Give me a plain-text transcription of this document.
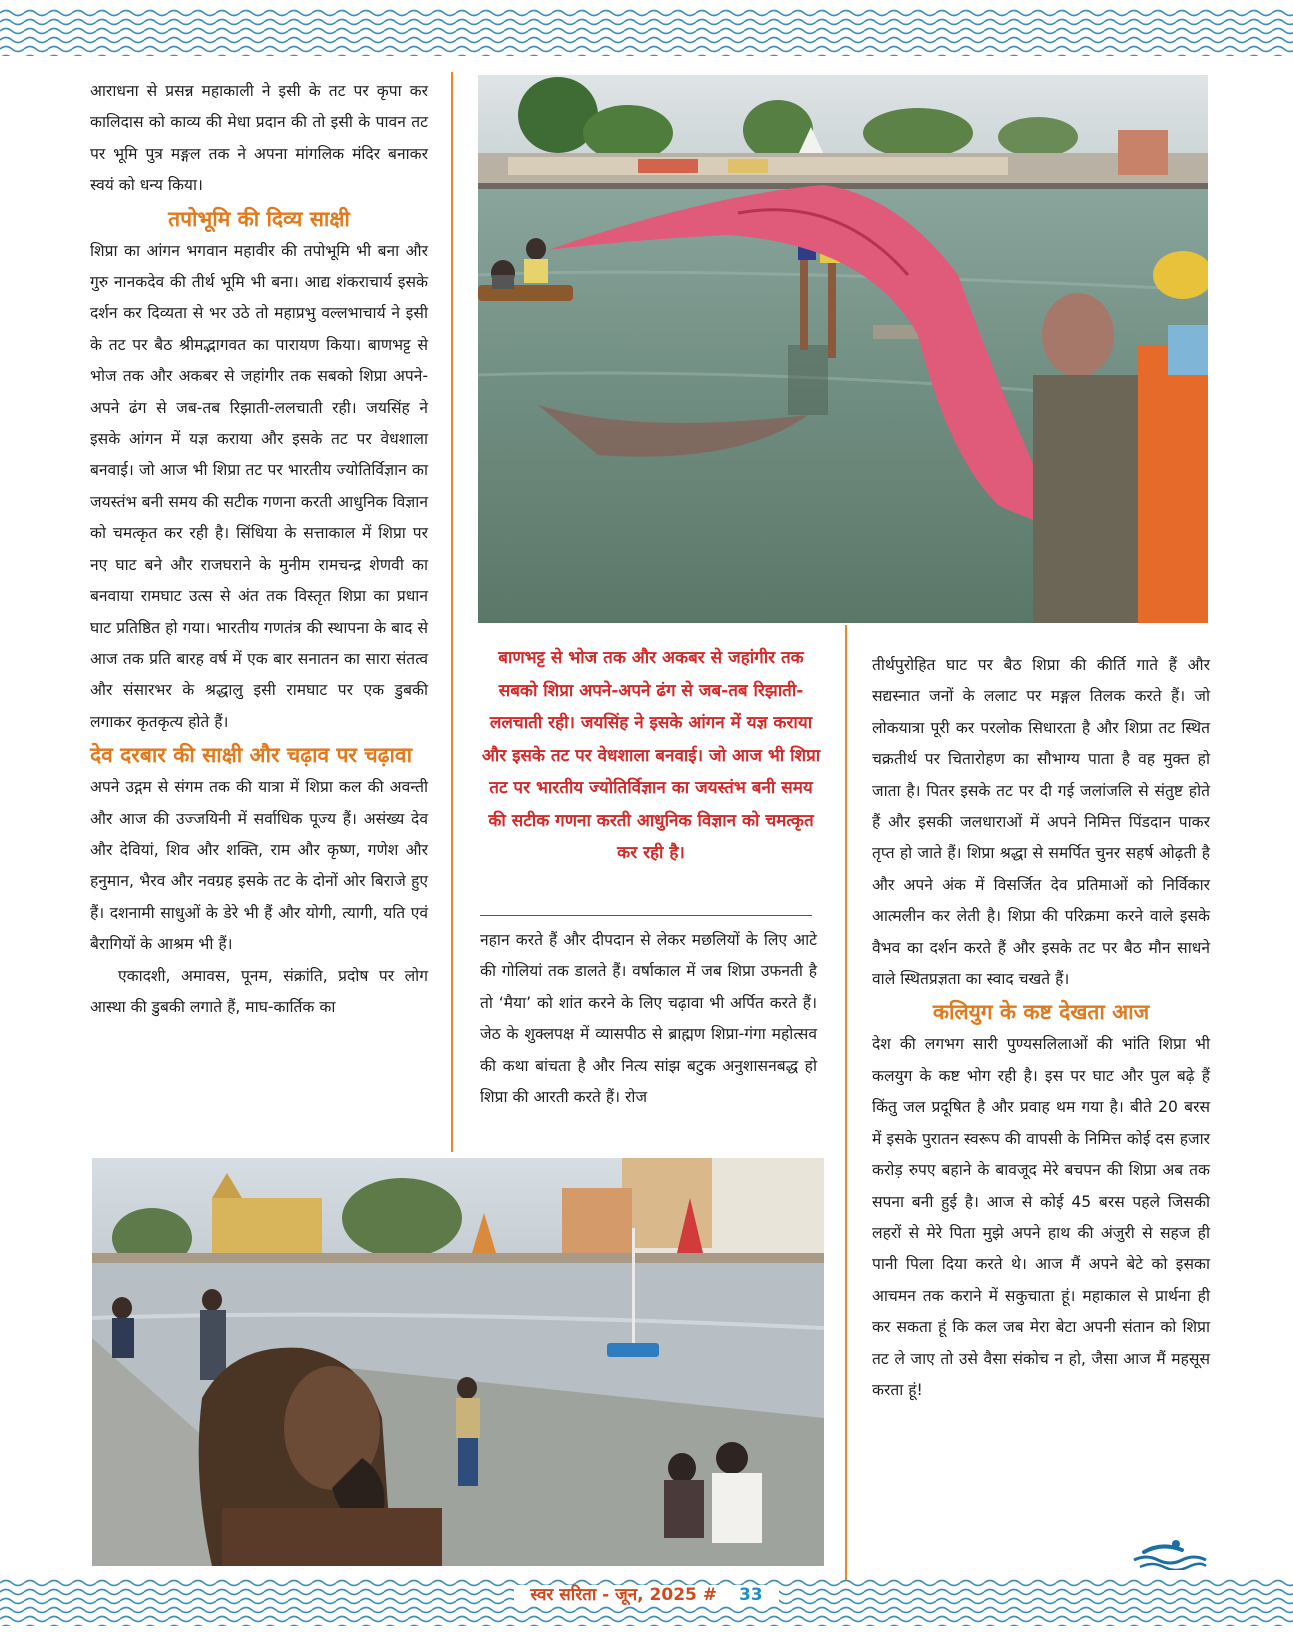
आराधना से प्रसन्न महाकाली ने इसी के तट पर कृपा कर कालिदास को काव्य की मेधा प्रदान की तो इसी के पावन तट पर भूमि पुत्र मङ्गल तक ने अपना मांगलिक मंदिर बनाकर स्वयं को धन्य किया।

तपोभूमि की दिव्य साक्षी

शिप्रा का आंगन भगवान महावीर की तपोभूमि भी बना और गुरु नानकदेव की तीर्थ भूमि भी बना। आद्य शंकराचार्य इसके दर्शन कर दिव्यता से भर उठे तो महाप्रभु वल्लभाचार्य ने इसी के तट पर बैठ श्रीमद्भागवत का पारायण किया। बाणभट्ट से भोज तक और अकबर से जहांगीर तक सबको शिप्रा अपने-अपने ढंग से जब-तब रिझाती-ललचाती रही। जयसिंह ने इसके आंगन में यज्ञ कराया और इसके तट पर वेधशाला बनवाई। जो आज भी शिप्रा तट पर भारतीय ज्योतिर्विज्ञान का जयस्तंभ बनी समय की सटीक गणना करती आधुनिक विज्ञान को चमत्कृत कर रही है। सिंधिया के सत्ताकाल में शिप्रा पर नए घाट बने और राजघराने के मुनीम रामचन्द्र शेणवी का बनवाया रामघाट उत्स से अंत तक विस्तृत शिप्रा का प्रधान घाट प्रतिष्ठित हो गया। भारतीय गणतंत्र की स्थापना के बाद से आज तक प्रति बारह वर्ष में एक बार सनातन का सारा संतत्व और संसारभर के श्रद्धालु इसी रामघाट पर एक डुबकी लगाकर कृतकृत्य होते हैं।

देव दरबार की साक्षी और चढ़ाव पर चढ़ावा

अपने उद्गम से संगम तक की यात्रा में शिप्रा कल की अवन्ती और आज की उज्जयिनी में सर्वाधिक पूज्य हैं। असंख्य देव और देवियां, शिव और शक्ति, राम और कृष्ण, गणेश और हनुमान, भैरव और नवग्रह इसके तट के दोनों ओर बिराजे हुए हैं। दशनामी साधुओं के डेरे भी हैं और योगी, त्यागी, यति एवं बैरागियों के आश्रम भी हैं।

एकादशी, अमावस, पूनम, संक्रांति, प्रदोष पर लोग आस्था की डुबकी लगाते हैं, माघ-कार्तिक का

बाणभट्ट से भोज तक और अकबर से जहांगीर तक सबको शिप्रा अपने-अपने ढंग से जब-तब रिझाती-ललचाती रही। जयसिंह ने इसके आंगन में यज्ञ कराया और इसके तट पर वेधशाला बनवाई। जो आज भी शिप्रा तट पर भारतीय ज्योतिर्विज्ञान का जयस्तंभ बनी समय की सटीक गणना करती आधुनिक विज्ञान को चमत्कृत कर रही है।

नहान करते हैं और दीपदान से लेकर मछलियों के लिए आटे की गोलियां तक डालते हैं। वर्षाकाल में जब शिप्रा उफनती है तो ‘मैया’ को शांत करने के लिए चढ़ावा भी अर्पित करते हैं। जेठ के शुक्लपक्ष में व्यासपीठ से ब्राह्मण शिप्रा-गंगा महोत्सव की कथा बांचता है और नित्य सांझ बटुक अनुशासनबद्ध हो शिप्रा की आरती करते हैं। रोज

तीर्थपुरोहित घाट पर बैठ शिप्रा की कीर्ति गाते हैं और सद्यस्नात जनों के ललाट पर मङ्गल तिलक करते हैं। जो लोकयात्रा पूरी कर परलोक सिधारता है और शिप्रा तट स्थित चक्रतीर्थ पर चितारोहण का सौभाग्य पाता है वह मुक्त हो जाता है। पितर इसके तट पर दी गई जलांजलि से संतुष्ट होते हैं और इसकी जलधाराओं में अपने निमित्त पिंडदान पाकर तृप्त हो जाते हैं। शिप्रा श्रद्धा से समर्पित चुनर सहर्ष ओढ़ती है और अपने अंक में विसर्जित देव प्रतिमाओं को निर्विकार आत्मलीन कर लेती है। शिप्रा की परिक्रमा करने वाले इसके वैभव का दर्शन करते हैं और इसके तट पर बैठ मौन साधने वाले स्थितप्रज्ञता का स्वाद चखते हैं।

कलियुग के कष्ट देखता आज

देश की लगभग सारी पुण्यसलिलाओं की भांति शिप्रा भी कलयुग के कष्ट भोग रही है। इस पर घाट और पुल बढ़े हैं किंतु जल प्रदूषित है और प्रवाह थम गया है। बीते 20 बरस में इसके पुरातन स्वरूप की वापसी के निमित्त कोई दस हजार करोड़ रुपए बहाने के बावजूद मेरे बचपन की शिप्रा अब तक सपना बनी हुई है। आज से कोई 45 बरस पहले जिसकी लहरों से मेरे पिता मुझे अपने हाथ की अंजुरी से सहज ही पानी पिला दिया करते थे। आज मैं अपने बेटे को इसका आचमन तक कराने में सकुचाता हूं। महाकाल से प्रार्थना ही कर सकता हूं कि कल जब मेरा बेटा अपनी संतान को शिप्रा तट ले जाए तो उसे वैसा संकोच न हो, जैसा आज मैं महसूस करता हूं!

स्वर सरिता - जून, 2025 # 33
